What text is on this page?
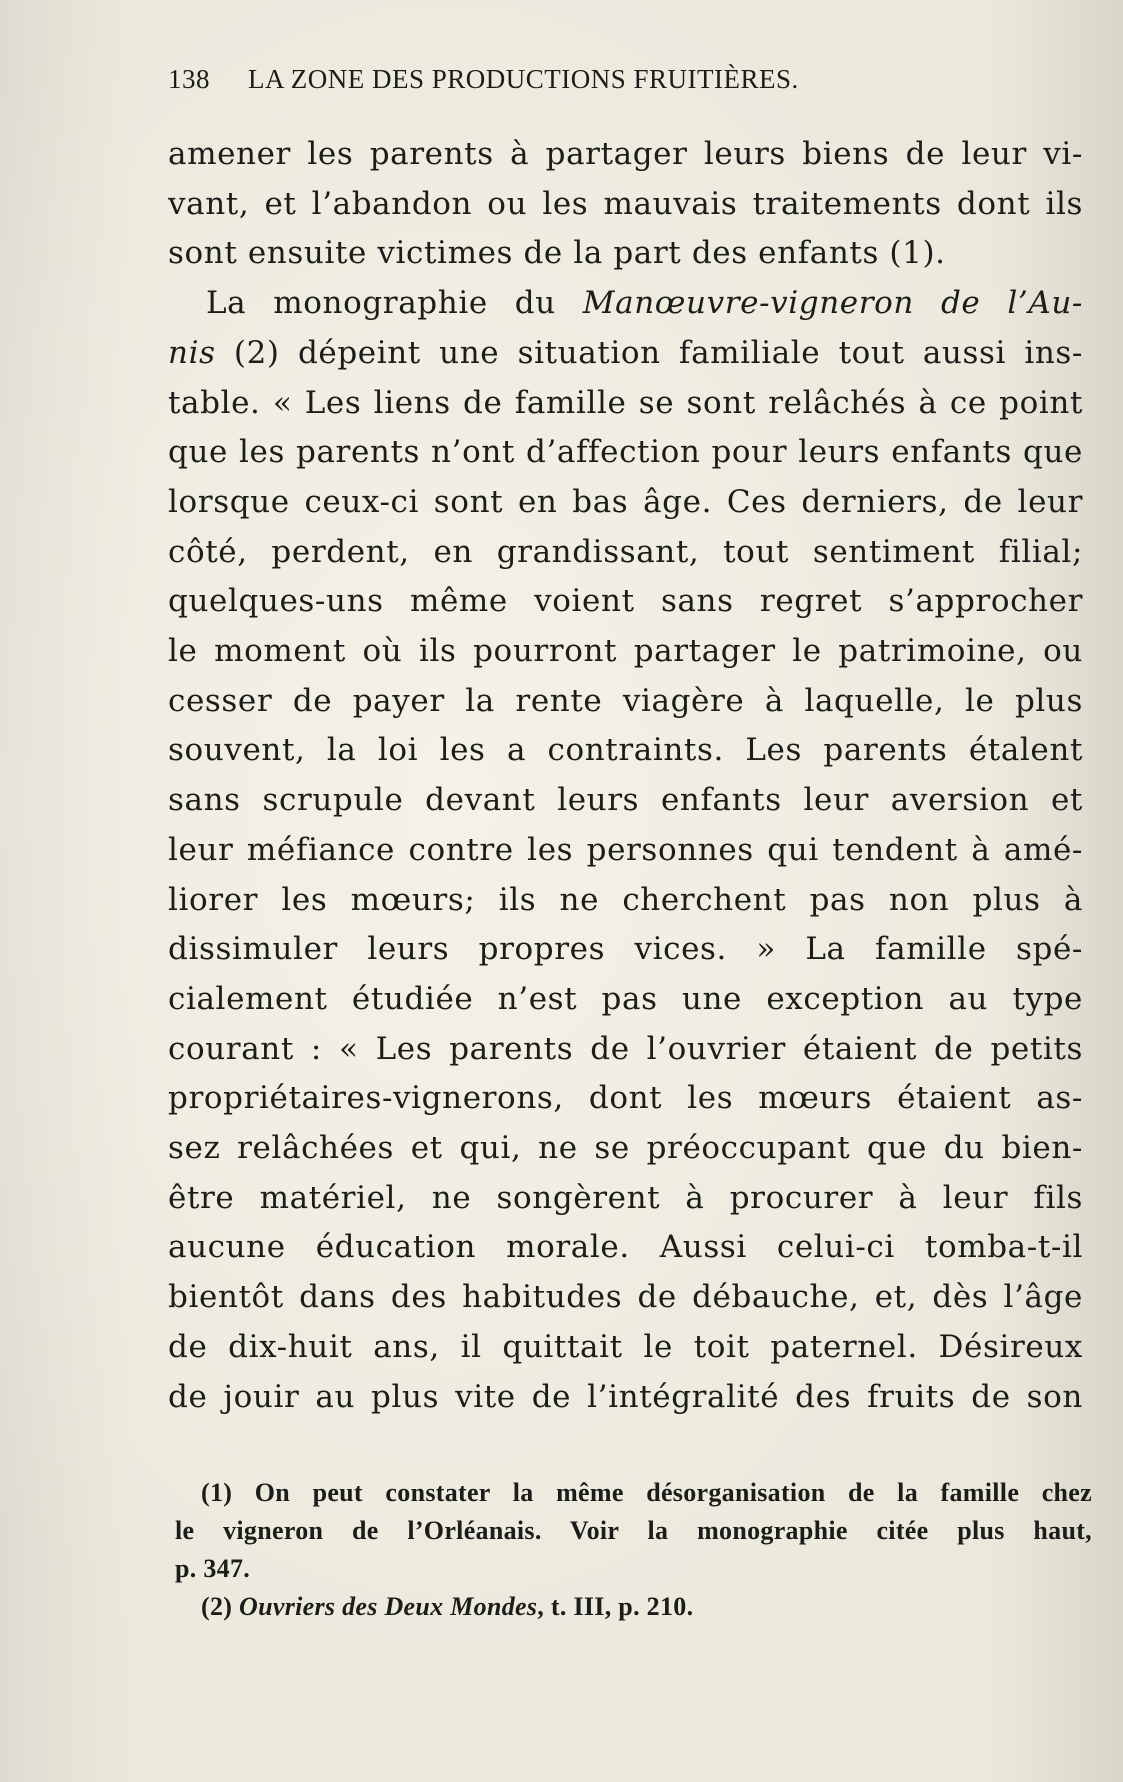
138	LA ZONE DES PRODUCTIONS FRUITIÈRES.

amener les parents à partager leurs biens de leur vi-

vant, et l’abandon ou les mauvais traitements dont ils

sont ensuite victimes de la part des enfants (1).

La monographie du Manœuvre-vigneron de l’Au-

nis (2) dépeint une situation familiale tout aussi ins-

table. « Les liens de famille se sont relâchés à ce point

que les parents n’ont d’affection pour leurs enfants que

lorsque ceux-ci sont en bas âge. Ces derniers, de leur

côté, perdent, en grandissant, tout sentiment filial;

quelques-uns même voient sans regret s’approcher

le moment où ils pourront partager le patrimoine, ou

cesser de payer la rente viagère à laquelle, le plus

souvent, la loi les a contraints. Les parents étalent

sans scrupule devant leurs enfants leur aversion et

leur méfiance contre les personnes qui tendent à amé-

liorer les mœurs; ils ne cherchent pas non plus à

dissimuler leurs propres vices. » La famille spé-

cialement étudiée n’est pas une exception au type

courant : « Les parents de l’ouvrier étaient de petits

propriétaires-vignerons, dont les mœurs étaient as-

sez relâchées et qui, ne se préoccupant que du bien-

être matériel, ne songèrent à procurer à leur fils

aucune éducation morale. Aussi celui-ci tomba-t-il

bientôt dans des habitudes de débauche, et, dès l’âge

de dix-huit ans, il quittait le toit paternel. Désireux

de jouir au plus vite de l’intégralité des fruits de son

(1) On peut constater la même désorganisation de la famille chez
le vigneron de l’Orléanais. Voir la monographie citée plus haut,
p. 347.
(2) Ouvriers des Deux Mondes, t. III, p. 210.
